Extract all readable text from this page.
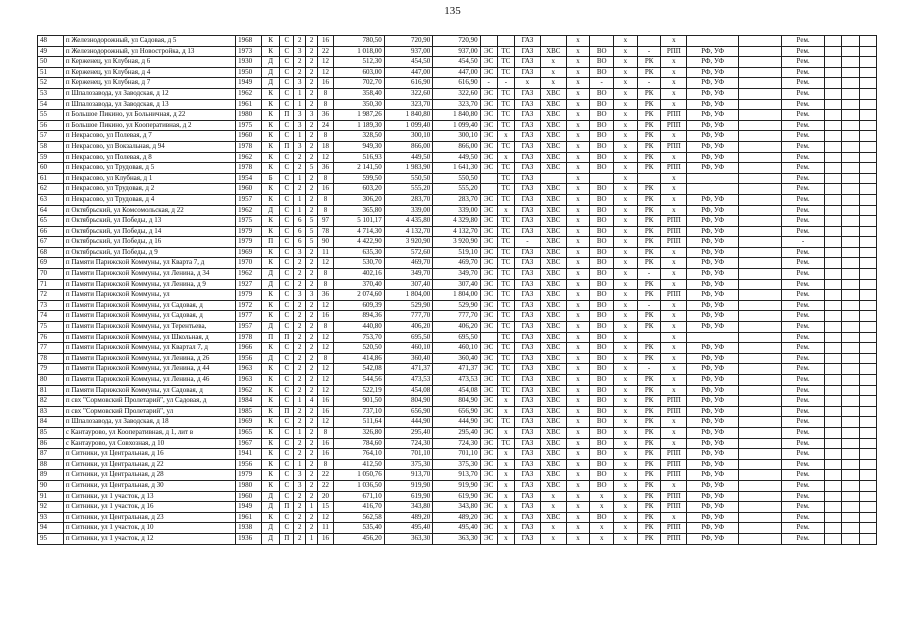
135
48	п Железнодорожный, ул Садовая, д 5	1968	К	С	2	2	16	780,50	720,90	720,90			ГАЗ		х		х		х			Рем.			
49	п Железнодорожный, ул Новостройка, д 13	1973	К	С	3	2	22	1 018,00	937,00	937,00	ЭС	ТС	ГАЗ	ХВС	х	ВО	х	-	РПП	РФ, УФ		Рем.			
50	п Керженец, ул Клубная, д 6	1930	Д	С	2	2	12	512,30	454,50	454,50	ЭС	ТС	ГАЗ	х	х	ВО	х	РК	х	РФ, УФ		Рем.			
51	п Керженец, ул Клубная, д 4	1950	Д	С	2	2	12	603,00	447,00	447,00	ЭС	ТС	ГАЗ	х	х	ВО	х	РК	х	РФ, УФ		Рем.			
52	п Керженец, ул Клубная, д 7	1949	Д	С	3	2	16	702,70	616,90	616,90	-	-	х	х	х	-	х	-	х	РФ, УФ		Рем.			
53	п Шпалозавода, ул Заводская, д 12	1962	К	С	1	2	8	358,40	322,60	322,60	ЭС	ТС	ГАЗ	ХВС	х	ВО	х	РК	х	РФ, УФ		Рем.			
54	п Шпалозавода, ул Заводская, д 13	1961	К	С	1	2	8	350,30	323,70	323,70	ЭС	ТС	ГАЗ	ХВС	х	ВО	х	РК	х	РФ, УФ		Рем.			
55	п Большое Пикино, ул Больничная, д 22	1980	К	П	3	3	36	1 987,26	1 840,80	1 840,80	ЭС	ТС	ГАЗ	ХВС	х	ВО	х	РК	РПП	РФ, УФ		Рем.			
56	п Большое Пикино, ул Кооперативная, д 2	1975	К	С	3	2	24	1 189,30	1 099,40	1 099,40	ЭС	ТС	ГАЗ	ХВС	х	ВО	х	РК	РПП	РФ, УФ		Рем.			
57	п Некрасово, ул Полевая, д 7	1960	К	С	1	2	8	328,50	300,10	300,10	ЭС	х	ГАЗ	ХВС	х	ВО	х	РК	х	РФ, УФ		Рем.			
58	п Некрасово, ул Вокзальная, д 94	1978	К	П	3	2	18	949,30	866,00	866,00	ЭС	ТС	ГАЗ	ХВС	х	ВО	х	РК	РПП	РФ, УФ		Рем.			
59	п Некрасово, ул Полевая, д 8	1962	К	С	2	2	12	516,93	449,50	449,50	ЭС	х	ГАЗ	ХВС	х	ВО	х	РК	х	РФ, УФ		Рем.			
60	п Некрасово, ул Трудовая, д 5	1978	К	С	2	5	36	2 141,50	1 983,90	1 641,30	ЭС	ТС	ГАЗ	ХВС	х	ВО	х	РК	РПП	РФ, УФ		Рем.			
61	п Некрасово, ул Клубная, д 1	1954	Б	С	1	2	8	599,50	550,50	550,50		ТС	ГАЗ		х		х		х			Рем.			
62	п Некрасово, ул Трудовая, д 2	1960	К	С	2	2	16	603,20	555,20	555,20		ТС	ГАЗ	ХВС	х	ВО	х	РК	х			Рем.			
63	п Некрасово, ул Трудовая, д 4	1957	К	С	1	2	8	306,20	283,70	283,70	ЭС	ТС	ГАЗ	ХВС	х	ВО	х	РК	х	РФ, УФ		Рем.			
64	п Октябрьский, ул Комсомольская, д 22	1962	Д	С	1	2	8	365,80	339,00	339,00	ЭС	х	ГАЗ	ХВС	х	ВО	х	РК	х	РФ, УФ		Рем.			
65	п Октябрьский, ул Победы, д 13	1975	К	С	6	5	97	5 101,17	4 435,80	4 329,80	ЭС	ТС	ГАЗ	ХВС	х	ВО	х	РК	РПП	РФ, УФ		Рем.			
66	п Октябрьский, ул Победы, д 14	1979	К	С	6	5	78	4 714,30	4 132,70	4 132,70	ЭС	ТС	ГАЗ	ХВС	х	ВО	х	РК	РПП	РФ, УФ		Рем.			
67	п Октябрьский, ул Победы, д 16	1979	П	С	6	5	90	4 422,90	3 920,90	3 920,90	ЭС	ТС	-	ХВС	х	ВО	х	РК	РПП	РФ, УФ		-			
68	п Октябрьский, ул Победы, д 9	1969	К	С	3	2	11	635,30	572,60	519,10	ЭС	ТС	ГАЗ	ХВС	х	ВО	х	РК	х	РФ, УФ		Рем.			
69	п Памяти Парижской Коммуны, ул Кварта 7, д	1970	К	С	2	2	12	530,70	469,70	469,70	ЭС	ТС	ГАЗ	ХВС	х	ВО	х	РК	х	РФ, УФ		Рем.			
70	п Памяти Парижской Коммуны, ул Ленина, д 34	1962	Д	С	2	2	8	402,16	349,70	349,70	ЭС	ТС	ГАЗ	ХВС	х	ВО	х	-	х	РФ, УФ		Рем.			
71	п Памяти Парижской Коммуны, ул Ленина, д 9	1927	Д	С	2	2	8	370,40	307,40	307,40	ЭС	ТС	ГАЗ	ХВС	х	ВО	х	РК	х	РФ, УФ		Рем.			
72	п Памяти Парижской Коммуны, ул	1979	К	С	3	3	36	2 074,60	1 804,00	1 804,00	ЭС	ТС	ГАЗ	ХВС	х	ВО	х	РК	РПП	РФ, УФ		Рем.			
73	п Памяти Парижской Коммуны, ул Садовая, д	1972	К	С	2	2	12	609,39	529,90	529,90	ЭС	ТС	ГАЗ	ХВС	х	ВО	х	-	х	РФ, УФ		Рем.			
74	п Памяти Парижской Коммуны, ул Садовая, д	1977	К	С	2	2	16	894,36	777,70	777,70	ЭС	ТС	ГАЗ	ХВС	х	ВО	х	РК	х	РФ, УФ		Рем.			
75	п Памяти Парижской Коммуны, ул Терентьева,	1957	Д	С	2	2	8	440,80	406,20	406,20	ЭС	ТС	ГАЗ	ХВС	х	ВО	х	РК	х	РФ, УФ		Рем.			
76	п Памяти Парижской Коммуны, ул Школьная, д	1978	П	П	2	2	12	753,70	695,50	695,50		ТС	ГАЗ	ХВС	х	ВО	х		х			Рем.			
77	п Памяти Парижской Коммуны, ул Квартал 7, д	1966	К	С	2	2	12	520,50	460,10	460,10	ЭС	ТС	ГАЗ	ХВС	х	ВО	х	РК	х	РФ, УФ		Рем.			
78	п Памяти Парижской Коммуны, ул Ленина, д 26	1956	Д	С	2	2	8	414,86	360,40	360,40	ЭС	ТС	ГАЗ	ХВС	х	ВО	х	РК	х	РФ, УФ		Рем.			
79	п Памяти Парижской Коммуны, ул Ленина, д 44	1963	К	С	2	2	12	542,08	471,37	471,37	ЭС	ТС	ГАЗ	ХВС	х	ВО	х	-	х	РФ, УФ		Рем.			
80	п Памяти Парижской Коммуны, ул Ленина, д 46	1963	К	С	2	2	12	544,56	473,53	473,53	ЭС	ТС	ГАЗ	ХВС	х	ВО	х	РК	х	РФ, УФ		Рем.			
81	п Памяти Парижской Коммуны, ул Садовая, д	1962	К	С	2	2	12	522,19	454,08	454,08	ЭС	ТС	ГАЗ	ХВС	х	ВО	х	РК	х	РФ, УФ		Рем.			
82	п свх "Сормовский Пролетарий", ул Садовая, д	1984	К	С	1	4	16	901,50	804,90	804,90	ЭС	х	ГАЗ	ХВС	х	ВО	х	РК	РПП	РФ, УФ		Рем.			
83	п свх "Сормовский Пролетарий", ул	1985	К	П	2	2	16	737,10	656,90	656,90	ЭС	х	ГАЗ	ХВС	х	ВО	х	РК	РПП	РФ, УФ		Рем.			
84	п Шпалозавода, ул Заводская, д 18	1969	К	С	2	2	12	511,64	444,90	444,90	ЭС	ТС	ГАЗ	ХВС	х	ВО	х	РК	х	РФ, УФ		Рем.			
85	с Кантаурово, ул Кооперативная, д 1, лит в	1965	К	С	1	2	8	326,80	295,40	295,40	ЭС	х	ГАЗ	ХВС	х	ВО	х	РК	х	РФ, УФ		Рем.			
86	с Кантаурово, ул Совхозная, д 10	1967	К	С	2	2	16	784,60	724,30	724,30	ЭС	ТС	ГАЗ	ХВС	х	ВО	х	РК	х	РФ, УФ		Рем.			
87	п Ситники, ул Центральная, д 16	1941	К	С	2	2	16	764,10	701,10	701,10	ЭС	х	ГАЗ	ХВС	х	ВО	х	РК	РПП	РФ, УФ		Рем.			
88	п Ситники, ул Центральная, д 22	1956	К	С	1	2	8	412,50	375,30	375,30	ЭС	х	ГАЗ	ХВС	х	ВО	х	РК	РПП	РФ, УФ		Рем.			
89	п Ситники, ул Центральная, д 28	1979	К	С	3	2	22	1 050,76	913,70	913,70	ЭС	х	ГАЗ	ХВС	х	ВО	х	РК	РПП	РФ, УФ		Рем.			
90	п Ситники, ул Центральная, д 30	1980	К	С	3	2	22	1 036,50	919,90	919,90	ЭС	х	ГАЗ	ХВС	х	ВО	х	РК	х	РФ, УФ		Рем.			
91	п Ситники, ул 1 участок, д 13	1960	Д	С	2	2	20	671,10	619,90	619,90	ЭС	х	ГАЗ	х	х	х	х	РК	РПП	РФ, УФ		Рем.			
92	п Ситники, ул 1 участок, д 16	1949	Д	П	2	1	15	416,70	343,80	343,80	ЭС	х	ГАЗ	х	х	х	х	РК	РПП	РФ, УФ		Рем.			
93	п Ситники, ул Центральная, д 23	1961	К	С	2	2	12	562,58	489,20	489,20	ЭС	х	ГАЗ	ХВС	х	ВО	х	РК	х	РФ, УФ		Рем.			
94	п Ситники, ул 1 участок, д 10	1938	Д	С	2	2	11	535,40	495,40	495,40	ЭС	х	ГАЗ	х	х	х	х	РК	РПП	РФ, УФ		Рем.			
95	п Ситники, ул 1 участок, д 12	1936	Д	П	2	1	16	456,20	363,30	363,30	ЭС	х	ГАЗ	х	х	х	х	РК	РПП	РФ, УФ		Рем.			
